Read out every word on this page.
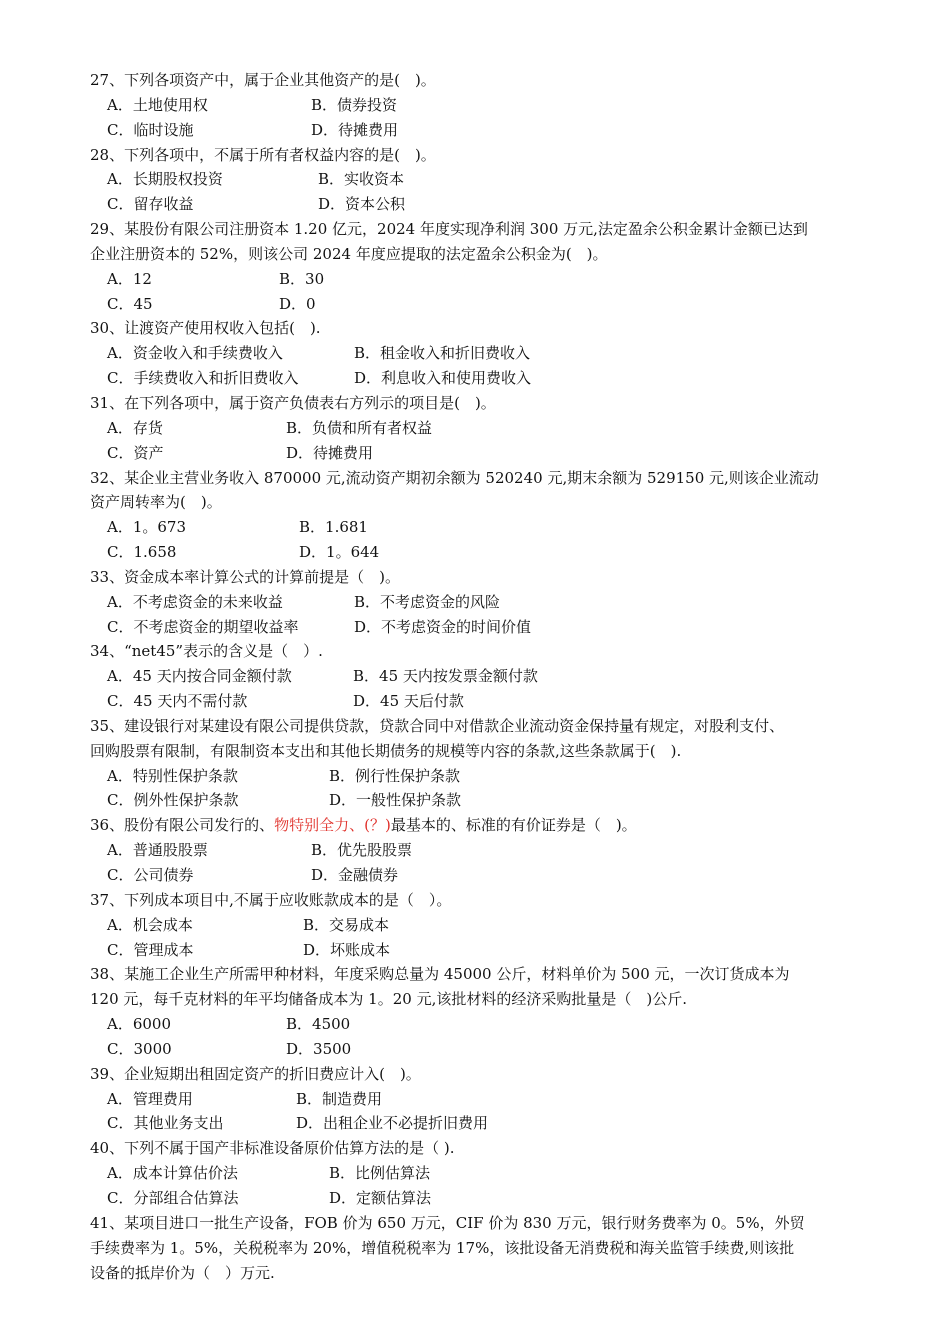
27、下列各项资产中，属于企业其他资产的是(　)。
A．土地使用权	B．债券投资
C．临时设施	D．待摊费用
28、下列各项中，不属于所有者权益内容的是(　)。
A．长期股权投资	B．实收资本
C．留存收益	D．资本公积
29、某股份有限公司注册资本 1.20 亿元，2024 年度实现净利润 300 万元,法定盈余公积金累计金额已达到
企业注册资本的 52%，则该公司 2024 年度应提取的法定盈余公积金为(　)。
A．12	B．30
C．45	D．0
30、让渡资产使用权收入包括(　).
A．资金收入和手续费收入	B．租金收入和折旧费收入
C．手续费收入和折旧费收入	D．利息收入和使用费收入
31、在下列各项中，属于资产负债表右方列示的项目是(　)。
A．存货	B．负债和所有者权益
C．资产	D．待摊费用
32、某企业主营业务收入 870000 元,流动资产期初余额为 520240 元,期末余额为 529150 元,则该企业流动
资产周转率为(　)。
A．1。673	B．1.681
C．1.658	D．1。644
33、资金成本率计算公式的计算前提是（　)。
A．不考虑资金的未来收益	B．不考虑资金的风险
C．不考虑资金的期望收益率	D．不考虑资金的时间价值
34、“net45”表示的含义是（　）.
A．45 天内按合同金额付款	B．45 天内按发票金额付款
C．45 天内不需付款	D．45 天后付款
35、建设银行对某建设有限公司提供贷款，贷款合同中对借款企业流动资金保持量有规定，对股利支付、
回购股票有限制，有限制资本支出和其他长期债务的规模等内容的条款,这些条款属于(　).
A．特别性保护条款	B．例行性保护条款
C．例外性保护条款	D．一般性保护条款
36、股份有限公司发行的、物特别全力、(？)最基本的、标准的有价证券是（　)。
A．普通股股票	B．优先股股票
C．公司债券	D．金融债券
37、下列成本项目中,不属于应收账款成本的是（　）。
A．机会成本	B．交易成本
C．管理成本	D．坏账成本
38、某施工企业生产所需甲种材料，年度采购总量为 45000 公斤，材料单价为 500 元，一次订货成本为
120 元，每千克材料的年平均储备成本为 1。20 元,该批材料的经济采购批量是（　)公斤.
A．6000	B．4500
C．3000	D．3500
39、企业短期出租固定资产的折旧费应计入(　)。
A．管理费用	B．制造费用
C．其他业务支出	D．出租企业不必提折旧费用
40、下列不属于国产非标准设备原价估算方法的是（ ).
A．成本计算估价法	B．比例估算法
C．分部组合估算法	D．定额估算法
41、某项目进口一批生产设备，FOB 价为 650 万元，CIF 价为 830 万元，银行财务费率为 0。5%，外贸
手续费率为 1。5%，关税税率为 20%，增值税税率为 17%，该批设备无消费税和海关监管手续费,则该批
设备的抵岸价为（　）万元.
